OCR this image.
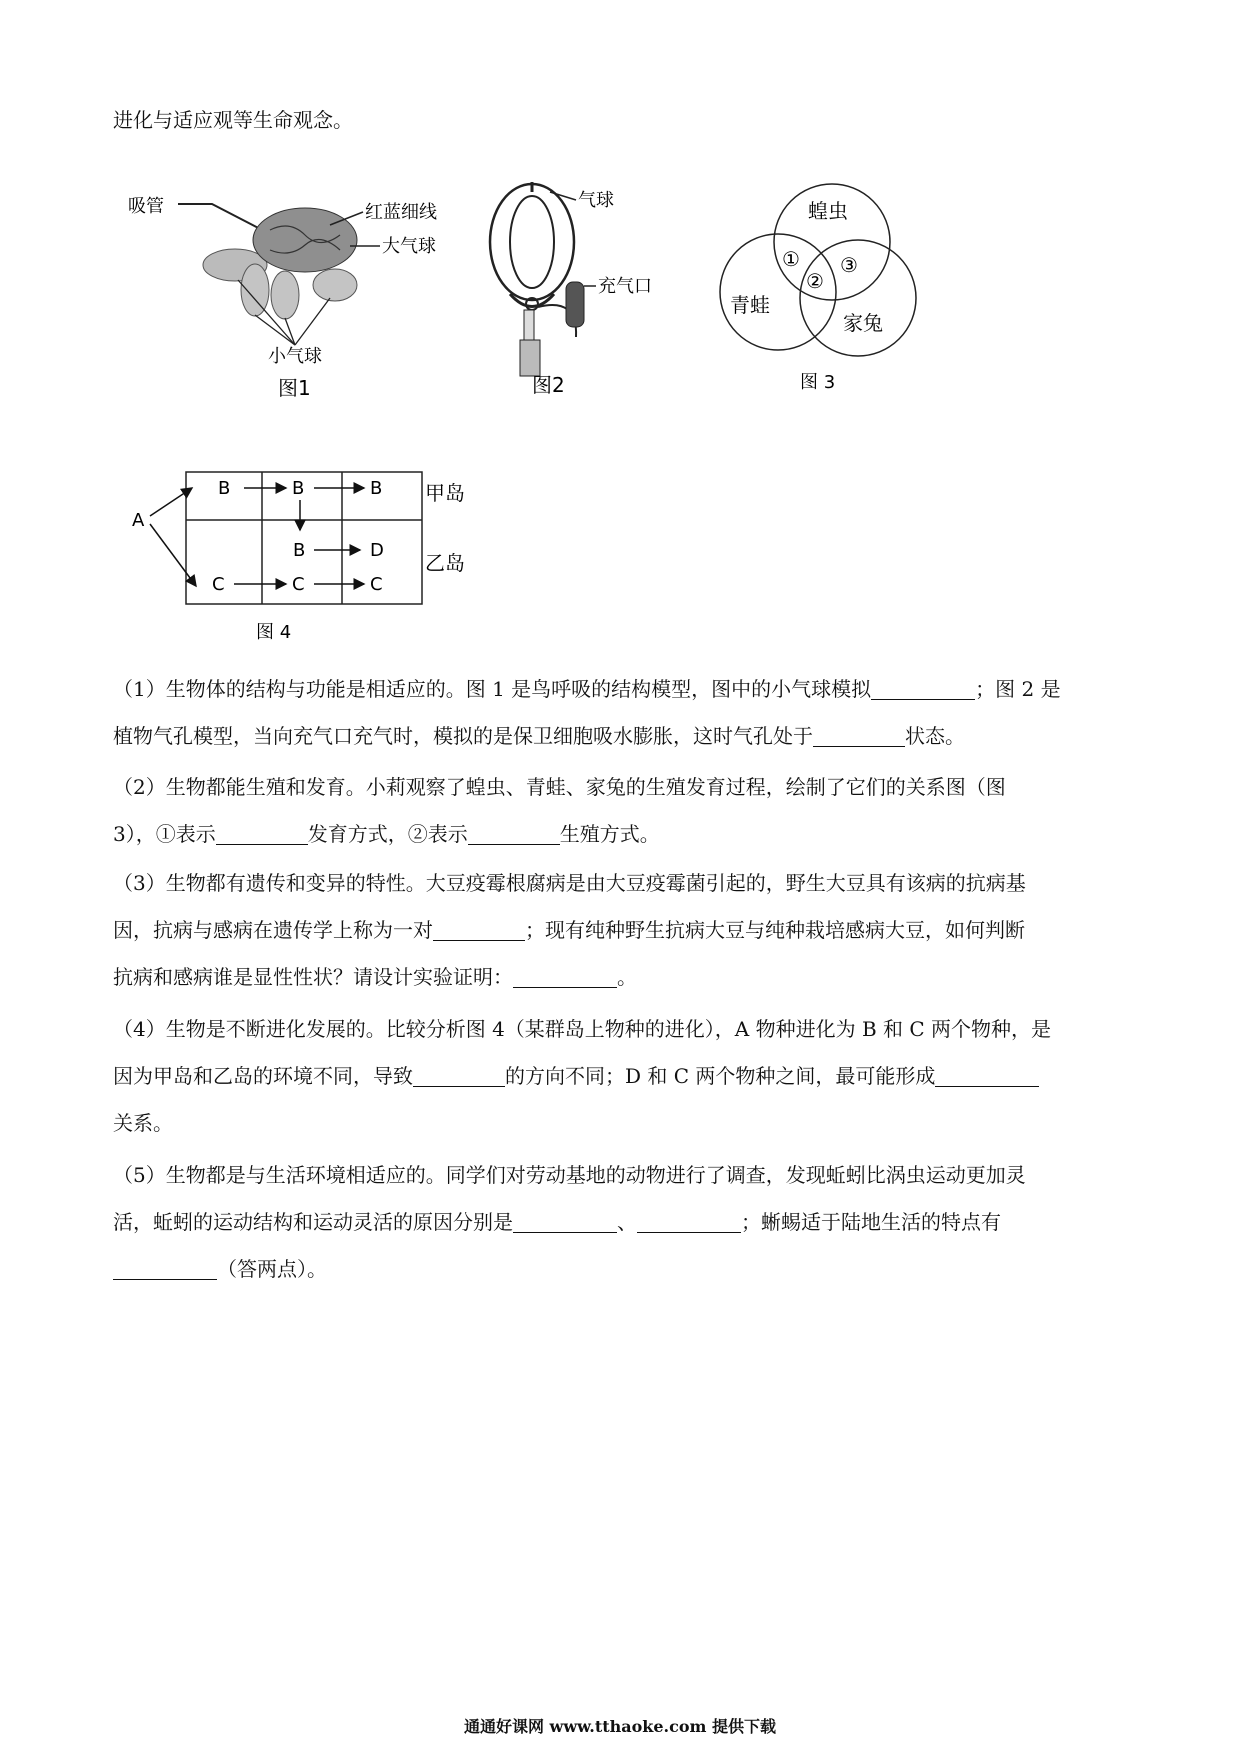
进化与适应观等生命观念。
吸管	红蓝细线
大气球
小气球
图1
气球
充气口
图2
蝗虫
青蛙
家兔
①
②
③
图 3
A
B	B	B
B	D
C	C	C
甲岛
乙岛
图 4
（1）生物体的结构与功能是相适应的。图 1 是鸟呼吸的结构模型，图中的小气球模拟	；图 2 是
植物气孔模型，当向充气口充气时，模拟的是保卫细胞吸水膨胀，这时气孔处于	状态。
（2）生物都能生殖和发育。小莉观察了蝗虫、青蛙、家兔的生殖发育过程，绘制了它们的关系图（图
3），①表示	发育方式，②表示	生殖方式。
（3）生物都有遗传和变异的特性。大豆疫霉根腐病是由大豆疫霉菌引起的，野生大豆具有该病的抗病基
因，抗病与感病在遗传学上称为一对	；现有纯种野生抗病大豆与纯种栽培感病大豆，如何判断
抗病和感病谁是显性性状？请设计实验证明：	。
（4）生物是不断进化发展的。比较分析图 4（某群岛上物种的进化），A 物种进化为 B 和 C 两个物种，是
因为甲岛和乙岛的环境不同，导致	的方向不同；D 和 C 两个物种之间，最可能形成
关系。
（5）生物都是与生活环境相适应的。同学们对劳动基地的动物进行了调查，发现蚯蚓比涡虫运动更加灵
活，蚯蚓的运动结构和运动灵活的原因分别是	、	；蜥蜴适于陆地生活的特点有
（答两点）。
通通好课网 www.tthaoke.com 提供下载
